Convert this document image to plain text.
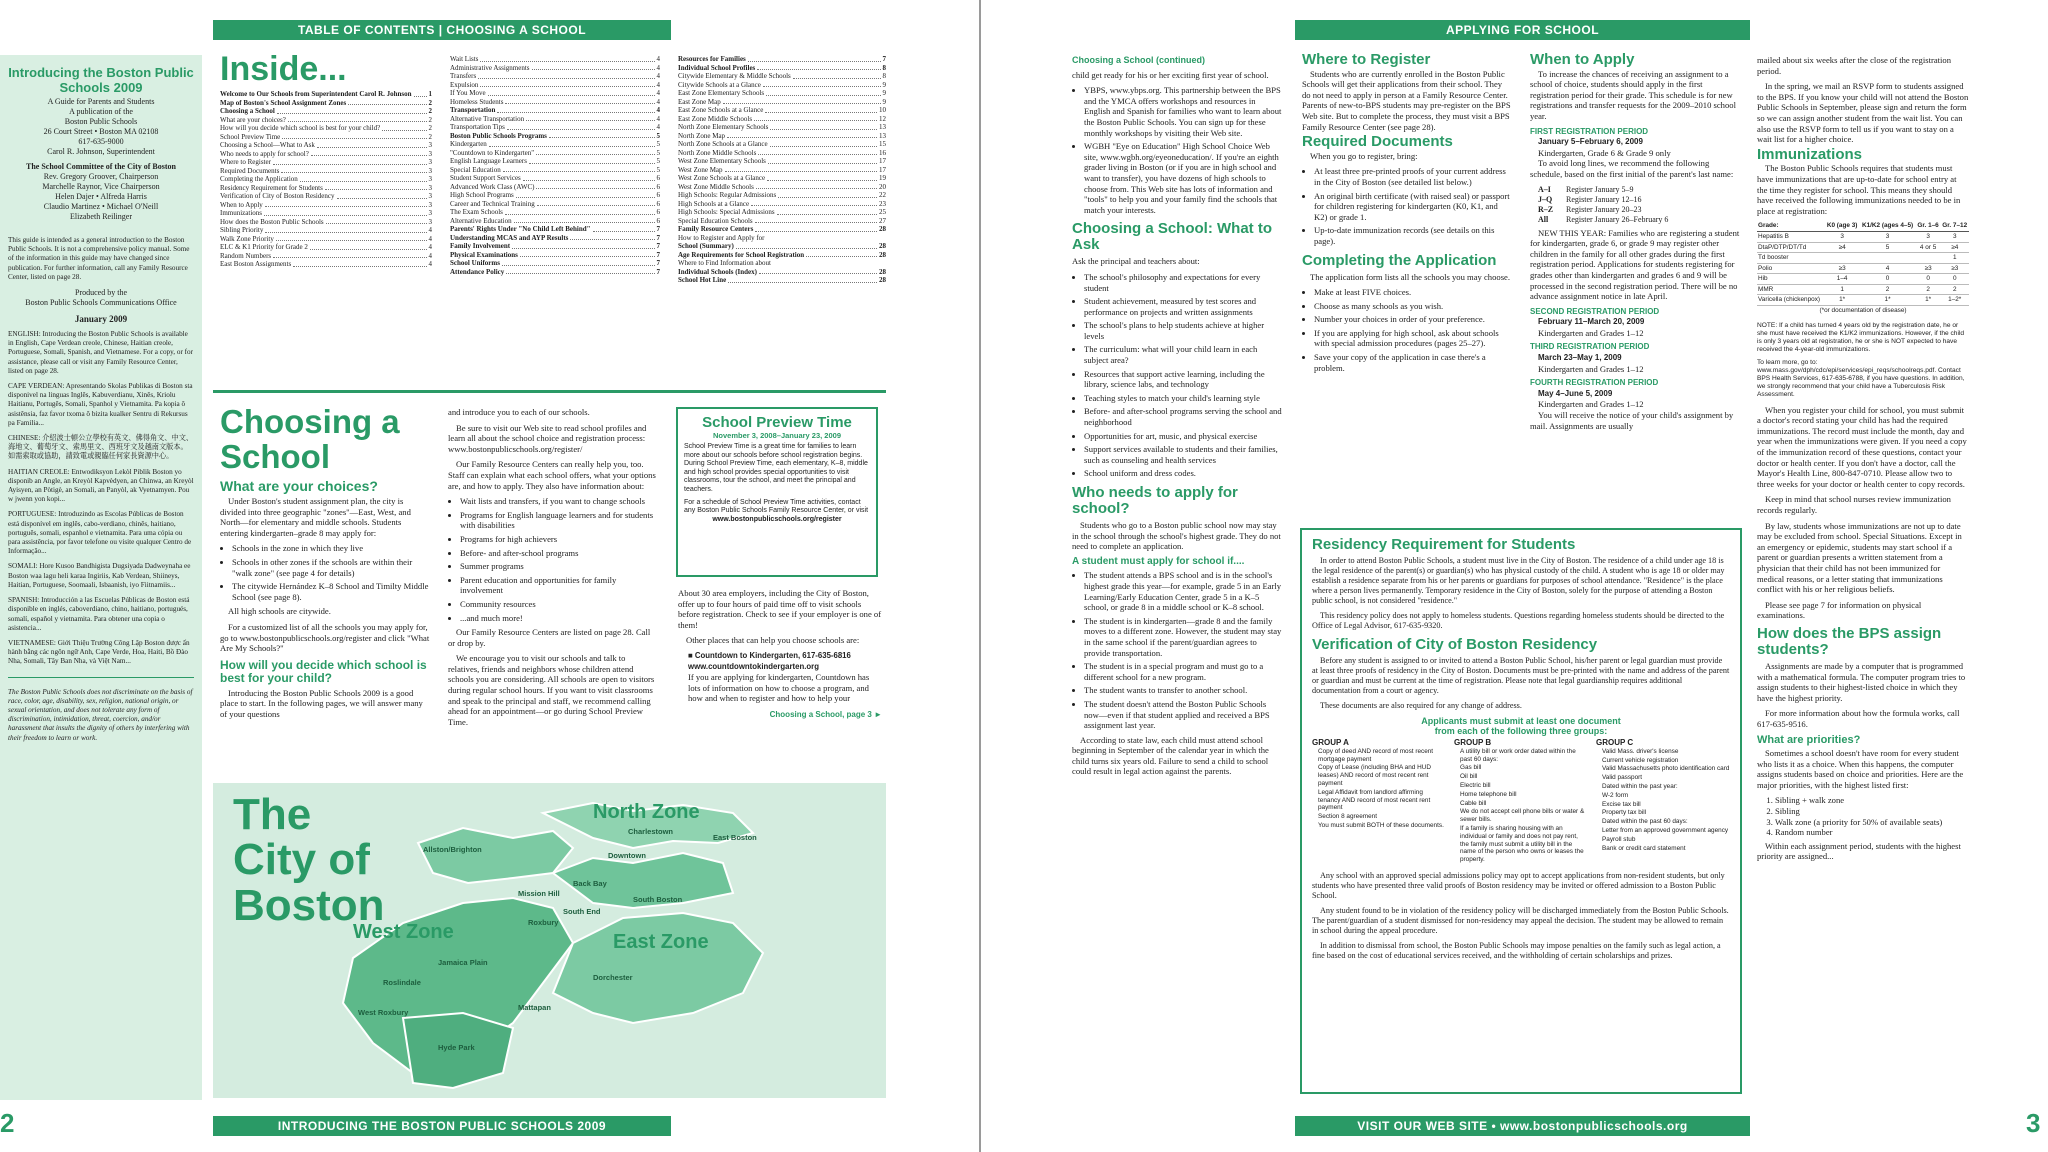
TABLE OF CONTENTS | CHOOSING A SCHOOL
INTRODUCING THE BOSTON PUBLIC SCHOOLS 2009
2
Introducing the Boston Public Schools 2009
A Guide for Parents and Students
A publication of the
Boston Public Schools
26 Court Street • Boston MA 02108
617-635-9000
Carol R. Johnson, Superintendent
The School Committee of the City of Boston
Rev. Gregory Groover, Chairperson
Marchelle Raynor, Vice Chairperson
Helen Dajer • Alfreda Harris
Claudio Martinez • Michael O'Neill
Elizabeth Reilinger
This guide is intended as a general introduction to the Boston Public Schools. It is not a comprehensive policy manual. Some of the information in this guide may have changed since publication. For further information, call any Family Resource Center, listed on page 28.
Produced by the
Boston Public Schools Communications Office
January 2009
ENGLISH: Introducing the Boston Public Schools is available in English, Cape Verdean creole, Chinese, Haitian creole, Portuguese, Somali, Spanish, and Vietnamese. For a copy, or for assistance, please call or visit any Family Resource Center, listed on page 28.
CAPE VERDEAN: Apresentando Skolas Publikas di Boston sta disponivel na linguas Inglês, Kabuverdianu, Xinês, Kriolu Haitianu, Portugês, Somali, Spanhol y Vietnamita. Pa kopia ô asistênsia, faz favor txoma ô bizita kualker Sentru di Rekursus pa Familia...
CHINESE: 介紹波士頓公立學校有英文、佛得角文、中文、海地文、葡萄牙文、索馬里文、西班牙文及越南文版本。如需索取或協助，請致電或親臨任何家長資源中心。
HAITIAN CREOLE: Entwodiksyon Lekòl Piblik Boston yo disponib an Angle, an Kreyòl Kapvèdyen, an Chinwa, an Kreyòl Ayisyen, an Pòtigè, an Somali, an Panyòl, ak Vyetnamyen. Pou w jwenn yon kopi...
PORTUGUESE: Introduzindo as Escolas Públicas de Boston está disponível em inglês, cabo-verdiano, chinês, haitiano, português, somali, espanhol e vietnamita. Para uma cópia ou para assistência, por favor telefone ou visite qualquer Centro de Informação...
SOMALI: Hore Kusoo Bandhigista Dugsiyada Dadweynaha ee Boston waa lagu heli karaa Ingiriis, Kab Verdean, Shiineys, Haitian, Portuguese, Soomaali, Isbaanish, iyo Fiitnamiis...
SPANISH: Introducción a las Escuelas Públicas de Boston está disponible en inglés, caboverdiano, chino, haitiano, portugués, somalí, español y vietnamita. Para obtener una copia o asistencia...
VIETNAMESE: Giới Thiệu Trường Công Lập Boston được ấn hành bằng các ngôn ngữ Anh, Cape Verde, Hoa, Haiti, Bồ Đào Nha, Somali, Tây Ban Nha, và Việt Nam...
The Boston Public Schools does not discriminate on the basis of race, color, age, disability, sex, religion, national origin, or sexual orientation, and does not tolerate any form of discrimination, intimidation, threat, coercion, and/or harassment that insults the dignity of others by interfering with their freedom to learn or work.
Inside...
Welcome to Our Schools from Superintendent Carol R. Johnson 1
Map of Boston's School Assignment Zones	2
Choosing a School	2
What are your choices?	2
How will you decide which school is best for your child?	2
School Preview Time	2
Choosing a School—What to Ask	3
Who needs to apply for school?	3
Where to Register	3
Required Documents	3
Completing the Application	3
Residency Requirement for Students	3
Verification of City of Boston Residency	3
When to Apply	3
Immunizations	3
How does the Boston Public Schools	3
Sibling Priority	4
Walk Zone Priority	4
ELC & K1 Priority for Grade 2	4
Random Numbers	4
East Boston Assignments	4
Wait Lists	4
Administrative Assignments	4
Transfers	4
Expulsion	4
If You Move	4
Homeless Students	4
Transportation	4
Alternative Transportation	4
Transportation Tips	4
Boston Public Schools Programs	5
Kindergarten	5
"Countdown to Kindergarten"	5
English Language Learners	5
Special Education	5
Student Support Services	6
Advanced Work Class (AWC)	6
High School Programs	6
Career and Technical Training	6
The Exam Schools	6
Alternative Education	6
Parents' Rights Under "No Child Left Behind"	7
Understanding MCAS and AYP Results	7
Family Involvement	7
Physical Examinations	7
School Uniforms	7
Attendance Policy	7
Resources for Families	7
Individual School Profiles	8
Citywide Elementary & Middle Schools	8
Citywide Schools at a Glance	9
East Zone Elementary Schools	9
East Zone Map	9
East Zone Schools at a Glance	10
East Zone Middle Schools	12
North Zone Elementary Schools	13
North Zone Map	13
North Zone Schools at a Glance	15
North Zone Middle Schools	16
West Zone Elementary Schools	17
West Zone Map	17
West Zone Schools at a Glance	19
West Zone Middle Schools	20
High Schools: Regular Admissions	22
High Schools at a Glance	23
High Schools: Special Admissions	25
Special Education Schools	27
Family Resource Centers	28
How to Register and Apply for
School (Summary)	28
Age Requirements for School Registration	28
Where to Find Information about
Individual Schools (Index)	28
School Hot Line	28
Choosing a
School
What are your choices?

Under Boston's student assignment plan, the city is divided into three geographic "zones"—East, West, and North—for elementary and middle schools. Students entering kindergarten–grade 8 may apply for:

• Schools in the zone in which they live
• Schools in other zones if the schools are within their "walk zone" (see page 4 for details)
• The citywide Hernández K–8 School and Timilty Middle School (see page 8).

All high schools are citywide.

For a customized list of all the schools you may apply for, go to www.bostonpublicschools.org/register and click "What Are My Schools?"

How will you decide which school is best for your child?

Introducing the Boston Public Schools 2009 is a good place to start. In the following pages, we will answer many of your questions

and introduce you to each of our schools.

Be sure to visit our Web site to read school profiles and learn all about the school choice and registration process: www.bostonpublicschools.org/register/

Our Family Resource Centers can really help you, too. Staff can explain what each school offers, what your options are, and how to apply. They also have information about:

• Wait lists and transfers, if you want to change schools
• Programs for English language learners and for students with disabilities
• Programs for high achievers
• Before- and after-school programs
• Summer programs
• Parent education and opportunities for family involvement
• Community resources
• ...and much more!

Our Family Resource Centers are listed on page 28. Call or drop by.

We encourage you to visit our schools and talk to relatives, friends and neighbors whose children attend schools you are considering. All schools are open to visitors during regular school hours. If you want to visit classrooms and speak to the principal and staff, we recommend calling ahead for an appointment—or go during School Preview Time.

School Preview Time
November 3, 2008–January 23, 2009
School Preview Time is a great time for families to learn more about our schools before school registration begins. During School Preview Time, each elementary, K–8, middle and high school provides special opportunities to visit classrooms, tour the school, and meet the principal and teachers.
For a schedule of School Preview Time activities, contact any Boston Public Schools Family Resource Center, or visit
www.bostonpublicschools.org/register

About 30 area employers, including the City of Boston, offer up to four hours of paid time off to visit schools before registration. Check to see if your employer is one of them!

Other places that can help you choose schools are:

■ Countdown to Kindergarten, 617-635-6816
www.countdowntokindergarten.org
If you are applying for kindergarten, Countdown has lots of information on how to choose a program, and how and when to register and how to help your
Choosing a School, page 3 ►
The
City of
Boston
North Zone
West Zone	East Zone
Charlestown
East Boston
Allston/Brighton
Downtown
Back Bay
Mission Hill
South End
South Boston
Roxbury
Jamaica Plain
Dorchester
Roslindale
Mattapan
West Roxbury
Hyde Park
APPLYING FOR SCHOOL
VISIT OUR WEB SITE • www.bostonpublicschools.org	3
Choosing a School (continued)

child get ready for his or her exciting first year of school.

• YBPS, www.ybps.org. This partnership between the BPS and the YMCA offers workshops and resources in English and Spanish for families who want to learn about the Boston Public Schools. You can sign up for these monthly workshops by visiting their Web site.
• WGBH "Eye on Education" High School Choice Web site, www.wgbh.org/eyeoneducation/. If you're an eighth grader living in Boston (or if you are in high school and want to transfer), you have dozens of high schools to choose from. This Web site has lots of information and "tools" to help you and your family find the schools that match your interests.
Choosing a School: What to Ask

Ask the principal and teachers about:

• The school's philosophy and expectations for every student
• Student achievement, measured by test scores and performance on projects and written assignments
• The school's plans to help students achieve at higher levels
• The curriculum: what will your child learn in each subject area?
• Resources that support active learning, including the library, science labs, and technology
• Teaching styles to match your child's learning style
• Before- and after-school programs serving the school and neighborhood
• Opportunities for art, music, and physical exercise
• Support services available to students and their families, such as counseling and health services
• School uniform and dress codes.
Who needs to apply for school?

Students who go to a Boston public school now may stay in the school through the school's highest grade. They do not need to complete an application.

A student must apply for school if....
• The student attends a BPS school and is in the school's highest grade this year—for example, grade 5 in an Early Learning/Early Education Center, grade 5 in a K–5 school, or grade 8 in a middle school or K–8 school.
• The student is in kindergarten—grade 8 and the family moves to a different zone. However, the student may stay in the same school if the parent/guardian agrees to provide transportation.
• The student is in a special program and must go to a different school for a new program.
• The student wants to transfer to another school.
• The student doesn't attend the Boston Public Schools now—even if that student applied and received a BPS assignment last year.

According to state law, each child must attend school beginning in September of the calendar year in which the child turns six years old. Failure to send a child to school could result in legal action against the parents.

Where to Register

Students who are currently enrolled in the Boston Public Schools will get their applications from their school. They do not need to apply in person at a Family Resource Center. Parents of new-to-BPS students may pre-register on the BPS Web site. But to complete the process, they must visit a BPS Family Resource Center (see page 28).

Required Documents

When you go to register, bring:

• At least three pre-printed proofs of your current address in the City of Boston (see detailed list below.)
• An original birth certificate (with raised seal) or passport for children registering for kindergarten (K0, K1, and K2) or grade 1.
• Up-to-date immunization records (see details on this page).
Completing the Application

The application form lists all the schools you may choose.

• Make at least FIVE choices.
• Choose as many schools as you wish.
• Number your choices in order of your preference.
• If you are applying for high school, ask about schools with special admission procedures (pages 25–27).
• Save your copy of the application in case there's a problem.
When to Apply

To increase the chances of receiving an assignment to a school of choice, students should apply in the first registration period for their grade. This schedule is for new registrations and transfer requests for the 2009–2010 school year.

FIRST REGISTRATION PERIOD
January 5–February 6, 2009
Kindergarten, Grade 6 & Grade 9 only

To avoid long lines, we recommend the following schedule, based on the first initial of the parent's last name:

A–I	Register January 5–9
J–Q	Register January 12–16
R–Z	Register January 20–23
All	Register January 26–February 6

NEW THIS YEAR: Families who are registering a student for kindergarten, grade 6, or grade 9 may register other children in the family for all other grades during the first registration period. Applications for students registering for grades other than kindergarten and grades 6 and 9 will be processed in the second registration period. There will be no advance assignment notice in late April.

SECOND REGISTRATION PERIOD
February 11–March 20, 2009
Kindergarten and Grades 1–12
THIRD REGISTRATION PERIOD
March 23–May 1, 2009
Kindergarten and Grades 1–12
FOURTH REGISTRATION PERIOD
May 4–June 5, 2009
Kindergarten and Grades 1–12

You will receive the notice of your child's assignment by mail. Assignments are usually

Residency Requirement for Students

In order to attend Boston Public Schools, a student must live in the City of Boston. The residence of a child under age 18 is the legal residence of the parent(s) or guardian(s) who has physical custody of the child. A student who is age 18 or older may establish a residence separate from his or her parents or guardians for purposes of school attendance. "Residence" is the place where a person lives permanently. Temporary residence in the City of Boston, solely for the purpose of attending a Boston public school, is not considered "residence."

This residency policy does not apply to homeless students. Questions regarding homeless students should be directed to the Office of Legal Advisor, 617-635-9320.

Verification of City of Boston Residency

Before any student is assigned to or invited to attend a Boston Public School, his/her parent or legal guardian must provide at least three proofs of residency in the City of Boston. Documents must be pre-printed with the name and address of the parent or guardian and must be current at the time of registration. Please note that legal guardianship requires additional documentation from a court or agency.

These documents are also required for any change of address.

Applicants must submit at least one document
from each of the following three groups:
GROUP A
Copy of deed AND record of most recent mortgage payment
Copy of Lease (including BHA and HUD leases) AND record of most recent rent payment
Legal Affidavit from landlord affirming tenancy AND record of most recent rent payment
Section 8 agreement
You must submit BOTH of these documents.
GROUP B
A utility bill or work order dated within the past 60 days:
Gas bill
Oil bill
Electric bill
Home telephone bill
Cable bill
We do not accept cell phone bills or water & sewer bills.
If a family is sharing housing with an individual or family and does not pay rent, the family must submit a utility bill in the name of the person who owns or leases the property.
GROUP C
Valid Mass. driver's license
Current vehicle registration
Valid Massachusetts photo identification card
Valid passport
Dated within the past year:
W-2 form
Excise tax bill
Property tax bill
Dated within the past 60 days:
Letter from an approved government agency
Payroll stub
Bank or credit card statement

Any school with an approved special admissions policy may opt to accept applications from non-resident students, but only students who have presented three valid proofs of Boston residency may be invited or offered admission to a Boston Public School.

Any student found to be in violation of the residency policy will be discharged immediately from the Boston Public Schools. The parent/guardian of a student dismissed for non-residency may appeal the decision. The student may be allowed to remain in school during the appeal procedure.

In addition to dismissal from school, the Boston Public Schools may impose penalties on the family such as legal action, a fine based on the cost of educational services received, and the withholding of certain scholarships and prizes.

mailed about six weeks after the close of the registration period.

In the spring, we mail an RSVP form to students assigned to the BPS. If you know your child will not attend the Boston Public Schools in September, please sign and return the form so we can assign another student from the wait list. You can also use the RSVP form to tell us if you want to stay on a wait list for a higher choice.

Immunizations

The Boston Public Schools requires that students must have immunizations that are up-to-date for school entry at the time they register for school. This means they should have received the following immunizations needed to be in place at registration:

Grade:	K0 (age 3)	K1/K2 (ages 4–5)	Gr. 1–6	Gr. 7–12
Hepatitis B	3	3	3	3
DtaP/DTP/DT/Td	≥4	5	4 or 5	≥4
Td booster				1
Polio	≥3	4	≥3	≥3
Hib	1–4	0	0	0
MMR	1	2	2	2
Varicella (chickenpox)	1*	1*	1*	1–2*
(*or documentation of disease)
NOTE: If a child has turned 4 years old by the registration date, he or she must have received the K1/K2 immunizations. However, if the child is only 3 years old at registration, he or she is NOT expected to have received the 4-year-old immunizations.
To learn more, go to: www.mass.gov/dph/cdc/epi/services/epi_reqs/schoolreqs.pdf. Contact BPS Health Services, 617-635-6788, if you have questions. In addition, we strongly recommend that your child have a Tuberculosis Risk Assessment.

When you register your child for school, you must submit a doctor's record stating your child has had the required immunizations. The record must include the month, day and year when the immunizations were given. If you need a copy of the immunization record of these questions, contact your doctor or health center. If you don't have a doctor, call the Mayor's Health Line, 800-847-0710. Please allow two to three weeks for your doctor or health center to copy records.

Keep in mind that school nurses review immunization records regularly.

By law, students whose immunizations are not up to date may be excluded from school. Special Situations. Except in an emergency or epidemic, students may start school if a parent or guardian presents a written statement from a physician that their child has not been immunized for medical reasons, or a letter stating that immunizations conflict with his or her religious beliefs.

Please see page 7 for information on physical examinations.

How does the BPS assign students?

Assignments are made by a computer that is programmed with a mathematical formula. The computer program tries to assign students to their highest-listed choice in which they have the highest priority.

For more information about how the formula works, call 617-635-9516.

What are priorities?

Sometimes a school doesn't have room for every student who lists it as a choice. When this happens, the computer assigns students based on choice and priorities. Here are the major priorities, with the highest listed first:

1. Sibling + walk zone
2. Sibling
3. Walk zone (a priority for 50% of available seats)
4. Random number

Within each assignment period, students with the highest priority are assigned...
